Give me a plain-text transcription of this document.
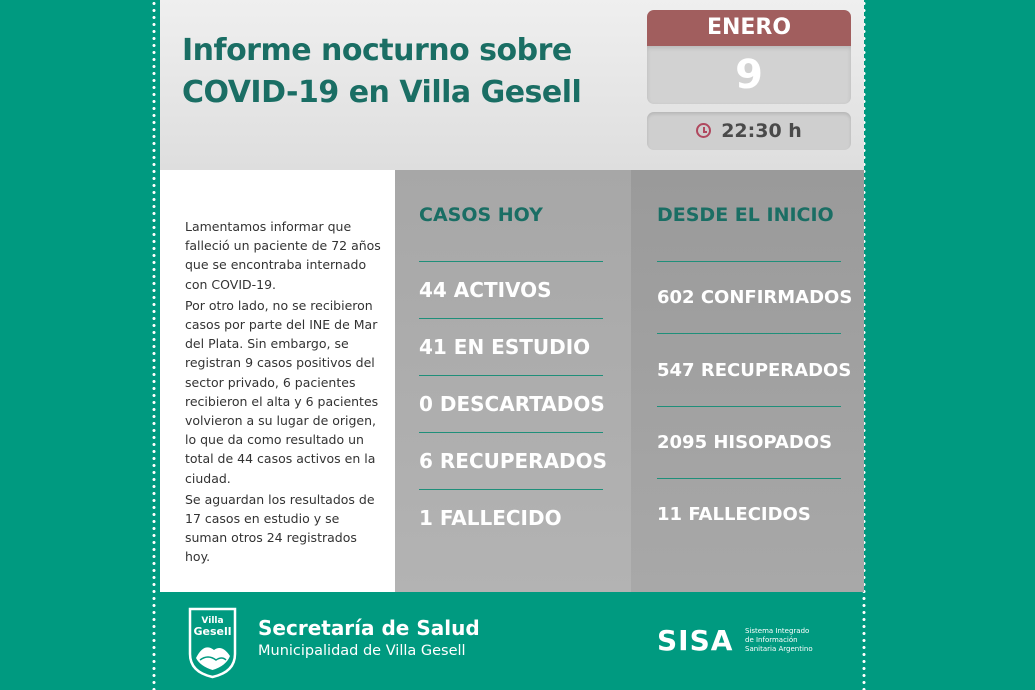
Informe nocturno sobre
COVID-19 en Villa Gesell
ENERO
9
22:30 h

Lamentamos informar que falleció un paciente de 72 años que se encontraba internado con COVID-19.

Por otro lado, no se recibieron casos por parte del INE de Mar del Plata. Sin embargo, se registran 9 casos positivos del sector privado, 6 pacientes recibieron el alta y 6 pacientes volvieron a su lugar de origen, lo que da como resultado un total de 44 casos activos en la ciudad.

Se aguardan los resultados de 17 casos en estudio y se suman otros 24 registrados hoy.

CASOS HOY
44 ACTIVOS
41 EN ESTUDIO
0 DESCARTADOS
6 RECUPERADOS
1 FALLECIDO
DESDE EL INICIO
602 CONFIRMADOS
547 RECUPERADOS
2095 HISOPADOS
11 FALLECIDOS
Villa
Gesell Secretaría de Salud
Municipalidad de Villa Gesell	SISA Sistema Integrado
de Información
Sanitaria Argentino
